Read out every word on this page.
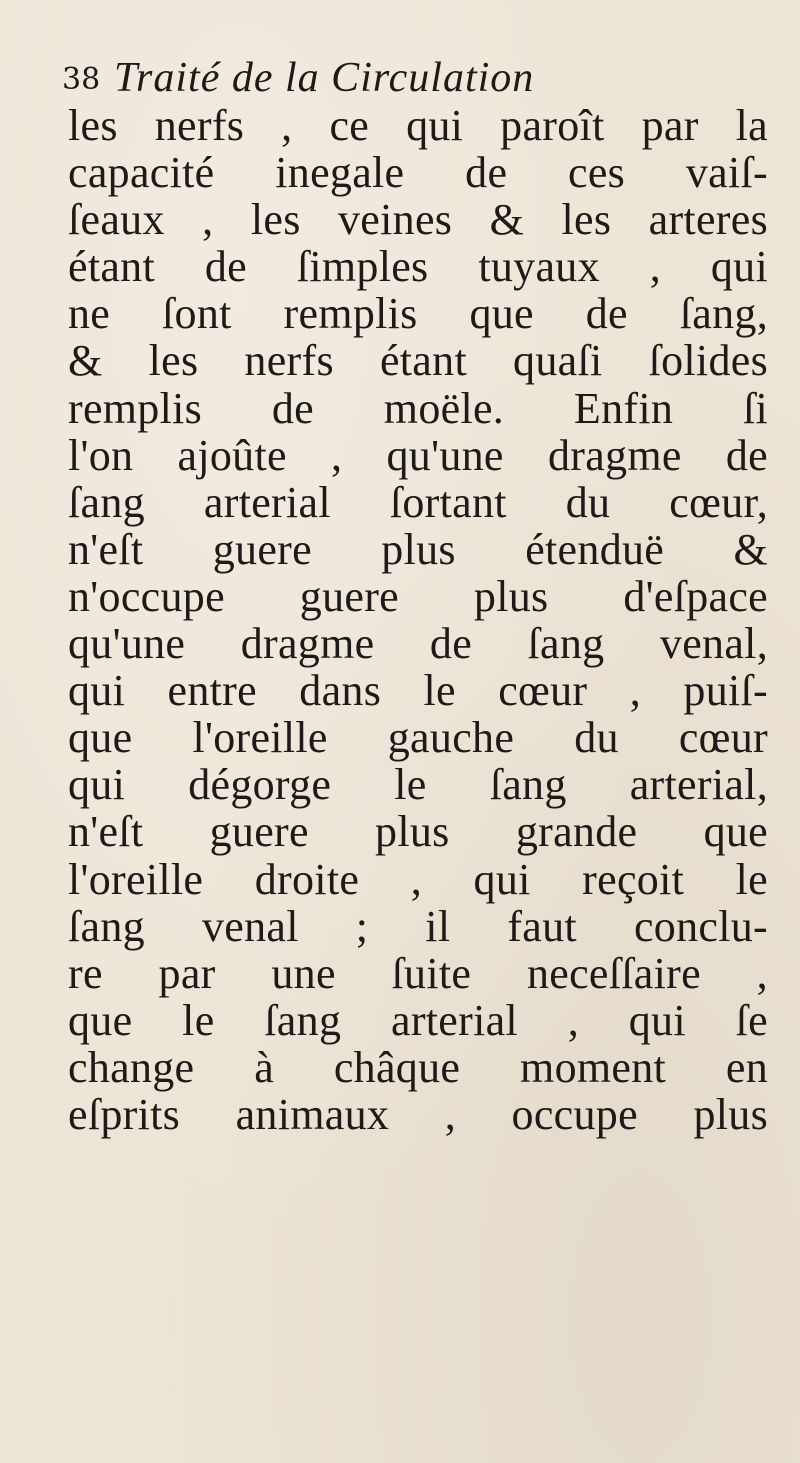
38 Traité de la Circulation
les nerfs , ce qui paroît par la
capacité inegale de ces vaiſ-
ſeaux , les veines & les arteres
étant de ſimples tuyaux , qui
ne ſont remplis que de ſang,
& les nerfs étant quaſi ſolides
remplis de moële. Enfin ſi
l'on ajoûte , qu'une dragme de
ſang arterial ſortant du cœur,
n'eſt guere plus étenduë &
n'occupe guere plus d'eſpace
qu'une dragme de ſang venal,
qui entre dans le cœur , puiſ-
que l'oreille gauche du cœur
qui dégorge le ſang arterial,
n'eſt guere plus grande que
l'oreille droite , qui reçoit le
ſang venal ; il faut conclu-
re par une ſuite neceſſaire ,
que le ſang arterial , qui ſe
change à châque moment en
eſprits animaux , occupe plus
